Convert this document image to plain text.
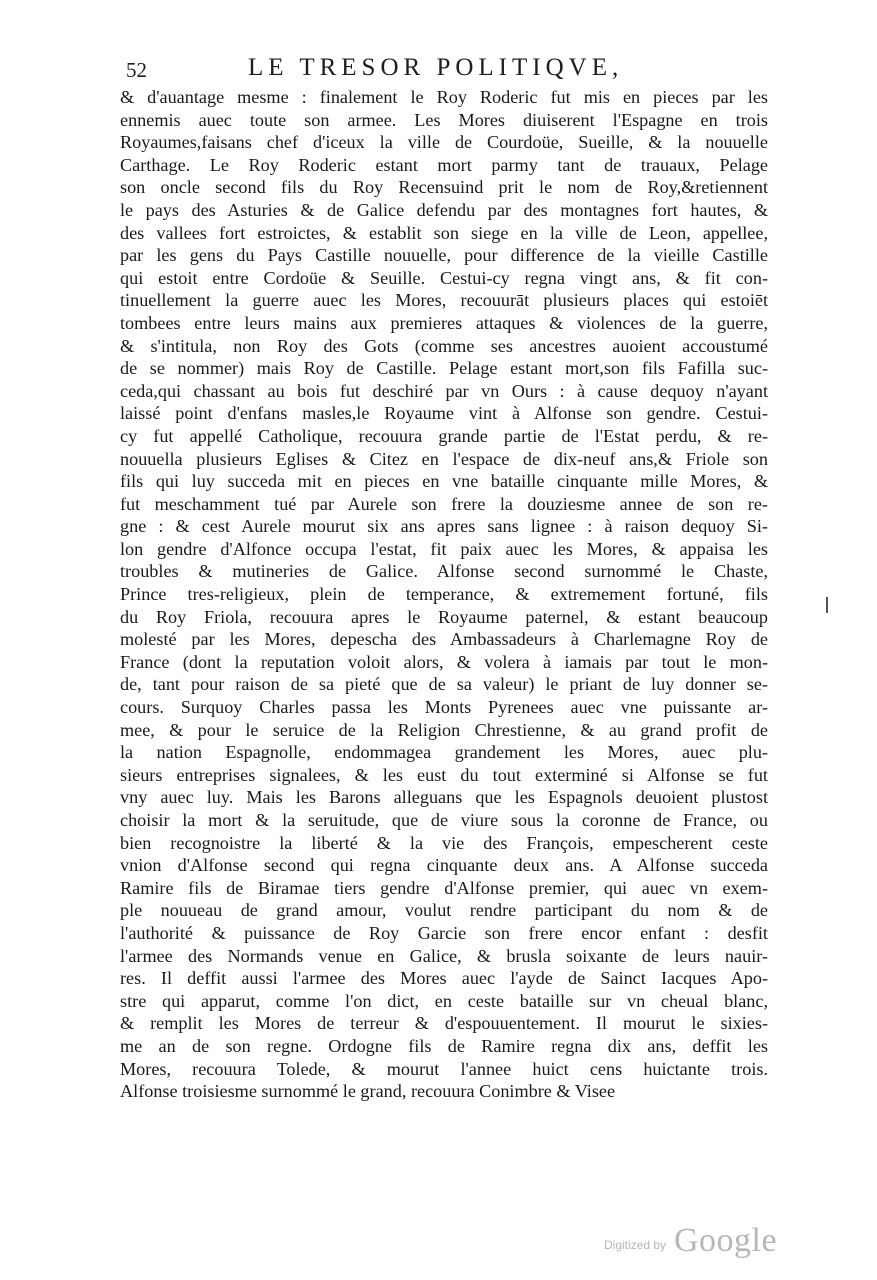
52	LE TRESOR POLITIQVE,
& d'auantage mesme : finalement le Roy Roderic fut mis en pieces par les
ennemis auec toute son armee. Les Mores diuiserent l'Espagne en trois
Royaumes,faisans chef d'iceux la ville de Courdoüe, Sueille, & la nouuelle
Carthage. Le Roy Roderic estant mort parmy tant de trauaux, Pelage
son oncle second fils du Roy Recensuind prit le nom de Roy,&retiennent
le pays des Asturies & de Galice defendu par des montagnes fort hautes, &
des vallees fort estroictes, & establit son siege en la ville de Leon, appellee,
par les gens du Pays Castille nouuelle, pour difference de la vieille Castille
qui estoit entre Cordoüe & Seuille. Cestui-cy regna vingt ans, & fit con-
tinuellement la guerre auec les Mores, recouurāt plusieurs places qui estoiēt
tombees entre leurs mains aux premieres attaques & violences de la guerre,
& s'intitula, non Roy des Gots (comme ses ancestres auoient accoustumé
de se nommer) mais Roy de Castille. Pelage estant mort,son fils Fafilla suc-
ceda,qui chassant au bois fut deschiré par vn Ours : à cause dequoy n'ayant
laissé point d'enfans masles,le Royaume vint à Alfonse son gendre. Cestui-
cy fut appellé Catholique, recouura grande partie de l'Estat perdu, & re-
nouuella plusieurs Eglises & Citez en l'espace de dix-neuf ans,& Friole son
fils qui luy succeda mit en pieces en vne bataille cinquante mille Mores, &
fut meschamment tué par Aurele son frere la douziesme annee de son re-
gne : & cest Aurele mourut six ans apres sans lignee : à raison dequoy Si-
lon gendre d'Alfonce occupa l'estat, fit paix auec les Mores, & appaisa les
troubles & mutineries de Galice. Alfonse second surnommé le Chaste,
Prince tres-religieux, plein de temperance, & extremement fortuné, fils
du Roy Friola, recouura apres le Royaume paternel, & estant beaucoup
molesté par les Mores, depescha des Ambassadeurs à Charlemagne Roy de
France (dont la reputation voloit alors, & volera à iamais par tout le mon-
de, tant pour raison de sa pieté que de sa valeur) le priant de luy donner se-
cours. Surquoy Charles passa les Monts Pyrenees auec vne puissante ar-
mee, & pour le seruice de la Religion Chrestienne, & au grand profit de
la nation Espagnolle, endommagea grandement les Mores, auec plu-
sieurs entreprises signalees, & les eust du tout exterminé si Alfonse se fut
vny auec luy. Mais les Barons alleguans que les Espagnols deuoient plustost
choisir la mort & la seruitude, que de viure sous la coronne de France, ou
bien recognoistre la liberté & la vie des François, empescherent ceste
vnion d'Alfonse second qui regna cinquante deux ans. A Alfonse succeda
Ramire fils de Biramae tiers gendre d'Alfonse premier, qui auec vn exem-
ple nouueau de grand amour, voulut rendre participant du nom & de
l'authorité & puissance de Roy Garcie son frere encor enfant : desfit
l'armee des Normands venue en Galice, & brusla soixante de leurs nauir-
res. Il deffit aussi l'armee des Mores auec l'ayde de Sainct Iacques Apo-
stre qui apparut, comme l'on dict, en ceste bataille sur vn cheual blanc,
& remplit les Mores de terreur & d'espouuentement. Il mourut le sixies-
me an de son regne. Ordogne fils de Ramire regna dix ans, deffit les
Mores, recouura Tolede, & mourut l'annee huict cens huictante trois.
Alfonse troisiesme surnommé le grand, recouura Conimbre & Visee
Digitized by Google
